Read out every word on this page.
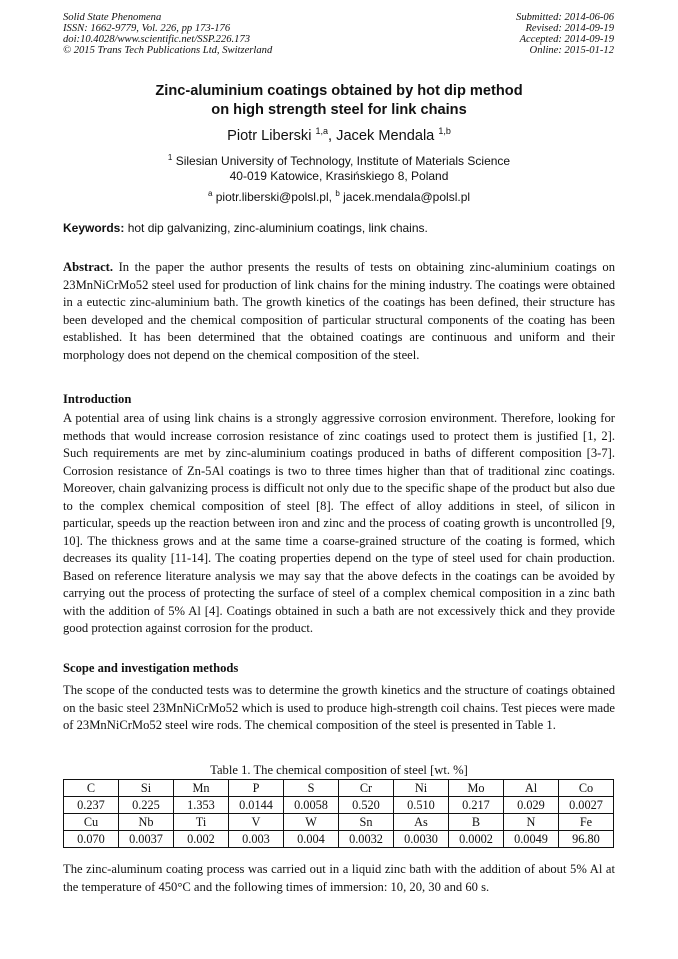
Solid State Phenomena
ISSN: 1662-9779, Vol. 226, pp 173-176
doi:10.4028/www.scientific.net/SSP.226.173
© 2015 Trans Tech Publications Ltd, Switzerland
Submitted: 2014-06-06
Revised: 2014-09-19
Accepted: 2014-09-19
Online: 2015-01-12
Zinc-aluminium coatings obtained by hot dip method
on high strength steel for link chains
Piotr Liberski $^{1,a}$, Jacek Mendala $^{1,b}$
$^1$ Silesian University of Technology, Institute of Materials Science
40-019 Katowice, Krasińskiego 8, Poland
$^a$ piotr.liberski@polsl.pl, $^b$ jacek.mendala@polsl.pl
Keywords: hot dip galvanizing, zinc-aluminium coatings, link chains.
Abstract. In the paper the author presents the results of tests on obtaining zinc-aluminium coatings on 23MnNiCrMo52 steel used for production of link chains for the mining industry. The coatings were obtained in a eutectic zinc-aluminium bath. The growth kinetics of the coatings has been defined, their structure has been developed and the chemical composition of particular structural components of the coating has been established. It has been determined that the obtained coatings are continuous and uniform and their morphology does not depend on the chemical composition of the steel.
Introduction
A potential area of using link chains is a strongly aggressive corrosion environment. Therefore, looking for methods that would increase corrosion resistance of zinc coatings used to protect them is justified [1, 2]. Such requirements are met by zinc-aluminium coatings produced in baths of different composition [3-7]. Corrosion resistance of Zn-5Al coatings is two to three times higher than that of traditional zinc coatings. Moreover, chain galvanizing process is difficult not only due to the specific shape of the product but also due to the complex chemical composition of steel [8]. The effect of alloy additions in steel, of silicon in particular, speeds up the reaction between iron and zinc and the process of coating growth is uncontrolled [9, 10]. The thickness grows and at the same time a coarse-grained structure of the coating is formed, which decreases its quality [11-14]. The coating properties depend on the type of steel used for chain production. Based on reference literature analysis we may say that the above defects in the coatings can be avoided by carrying out the process of protecting the surface of steel of a complex chemical composition in a zinc bath with the addition of 5% Al [4]. Coatings obtained in such a bath are not excessively thick and they provide good protection against corrosion for the product.
Scope and investigation methods
The scope of the conducted tests was to determine the growth kinetics and the structure of coatings obtained on the basic steel 23MnNiCrMo52 which is used to produce high-strength coil chains. Test pieces were made of 23MnNiCrMo52 steel wire rods. The chemical composition of the steel is presented in Table 1.
Table 1. The chemical composition of steel [wt. %]
C	Si	Mn	P	S	Cr	Ni	Mo	Al	Co
0.237	0.225	1.353	0.0144	0.0058	0.520	0.510	0.217	0.029	0.0027
Cu	Nb	Ti	V	W	Sn	As	B	N	Fe
0.070	0.0037	0.002	0.003	0.004	0.0032	0.0030	0.0002	0.0049	96.80
The zinc-aluminum coating process was carried out in a liquid zinc bath with the addition of about 5% Al at the temperature of 450°C and the following times of immersion: 10, 20, 30 and 60 s.
